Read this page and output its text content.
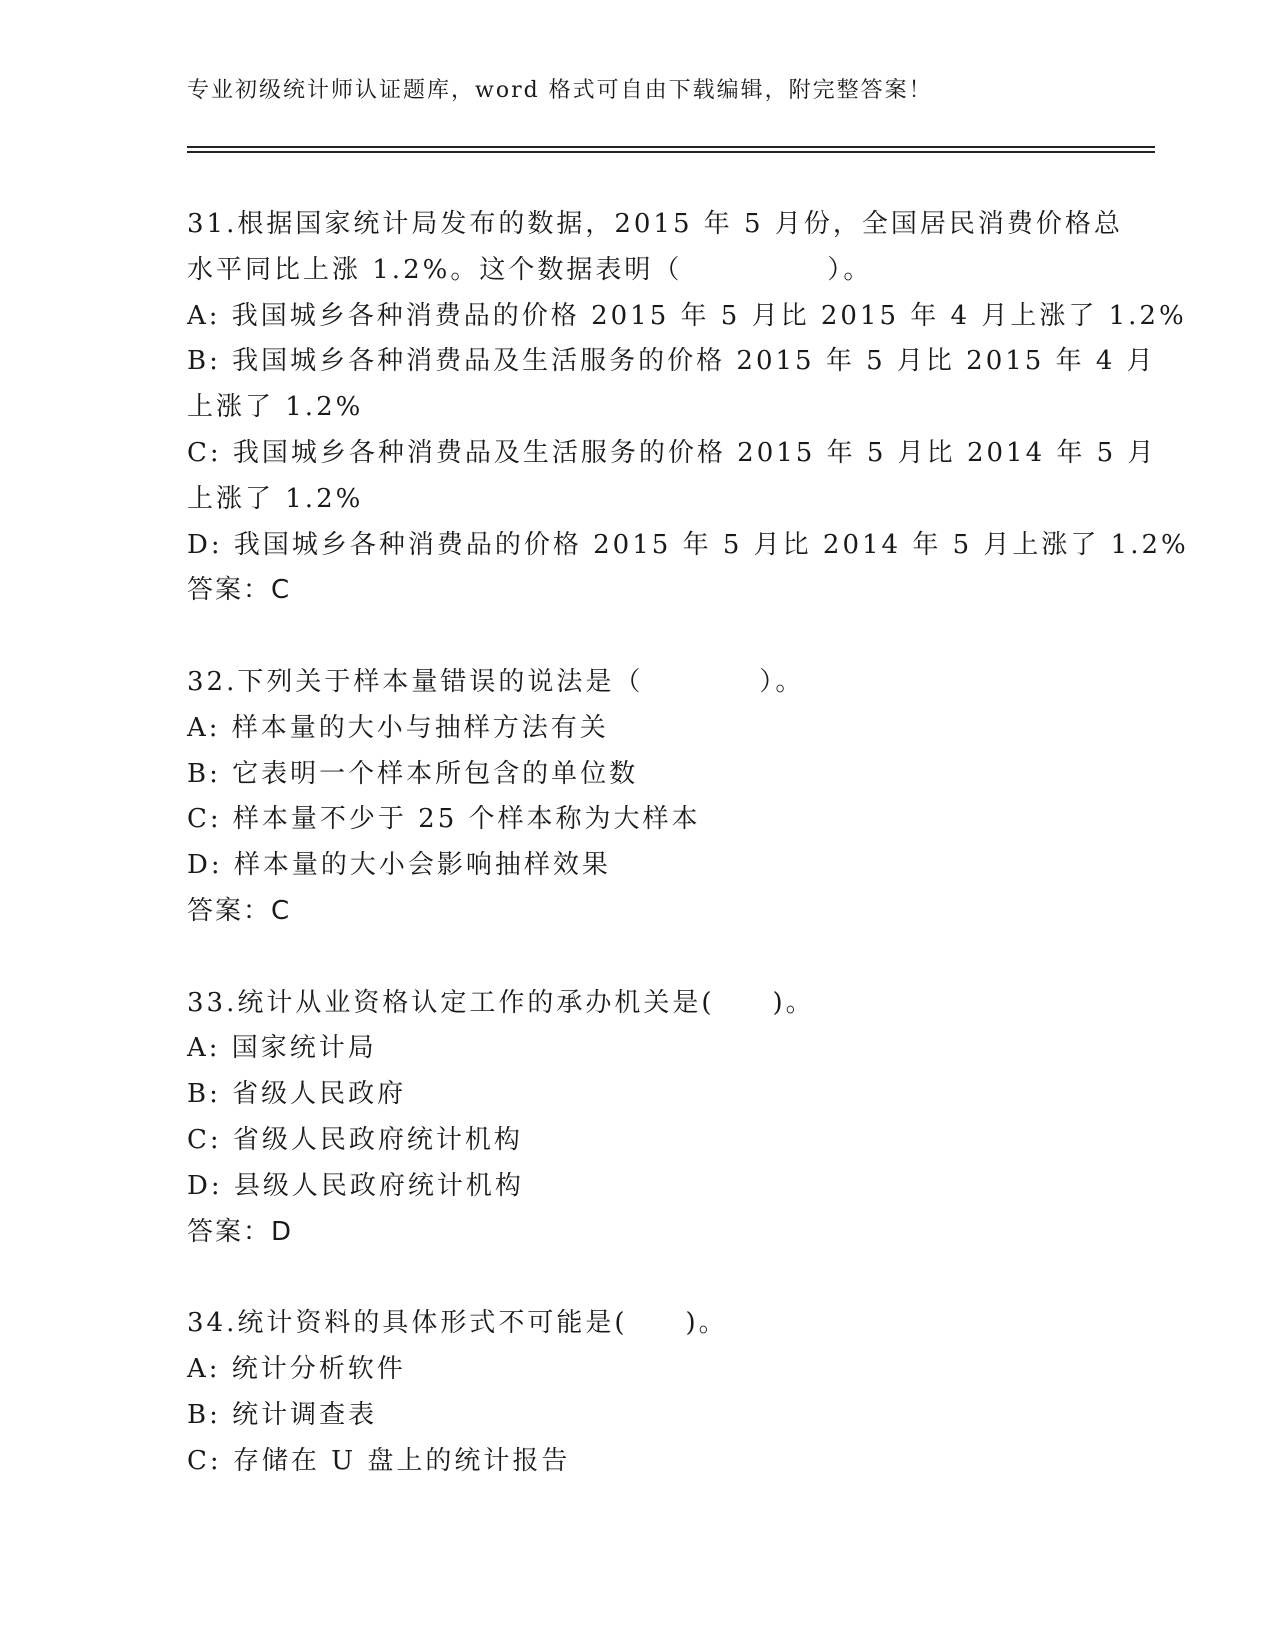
专业初级统计师认证题库，word 格式可自由下载编辑，附完整答案！
31.根据国家统计局发布的数据，2015 年 5 月份，全国居民消费价格总
水平同比上涨 1.2%。这个数据表明（　　　　　）。
A: 我国城乡各种消费品的价格 2015 年 5 月比 2015 年 4 月上涨了 1.2%
B: 我国城乡各种消费品及生活服务的价格 2015 年 5 月比 2015 年 4 月
上涨了 1.2%
C: 我国城乡各种消费品及生活服务的价格 2015 年 5 月比 2014 年 5 月
上涨了 1.2%
D: 我国城乡各种消费品的价格 2015 年 5 月比 2014 年 5 月上涨了 1.2%
答案：C
32.下列关于样本量错误的说法是（　　　　）。
A: 样本量的大小与抽样方法有关
B: 它表明一个样本所包含的单位数
C: 样本量不少于 25 个样本称为大样本
D: 样本量的大小会影响抽样效果
答案：C
33.统计从业资格认定工作的承办机关是(　　)。
A: 国家统计局
B: 省级人民政府
C: 省级人民政府统计机构
D: 县级人民政府统计机构
答案：D
34.统计资料的具体形式不可能是(　　)。
A: 统计分析软件
B: 统计调查表
C: 存储在 U 盘上的统计报告
